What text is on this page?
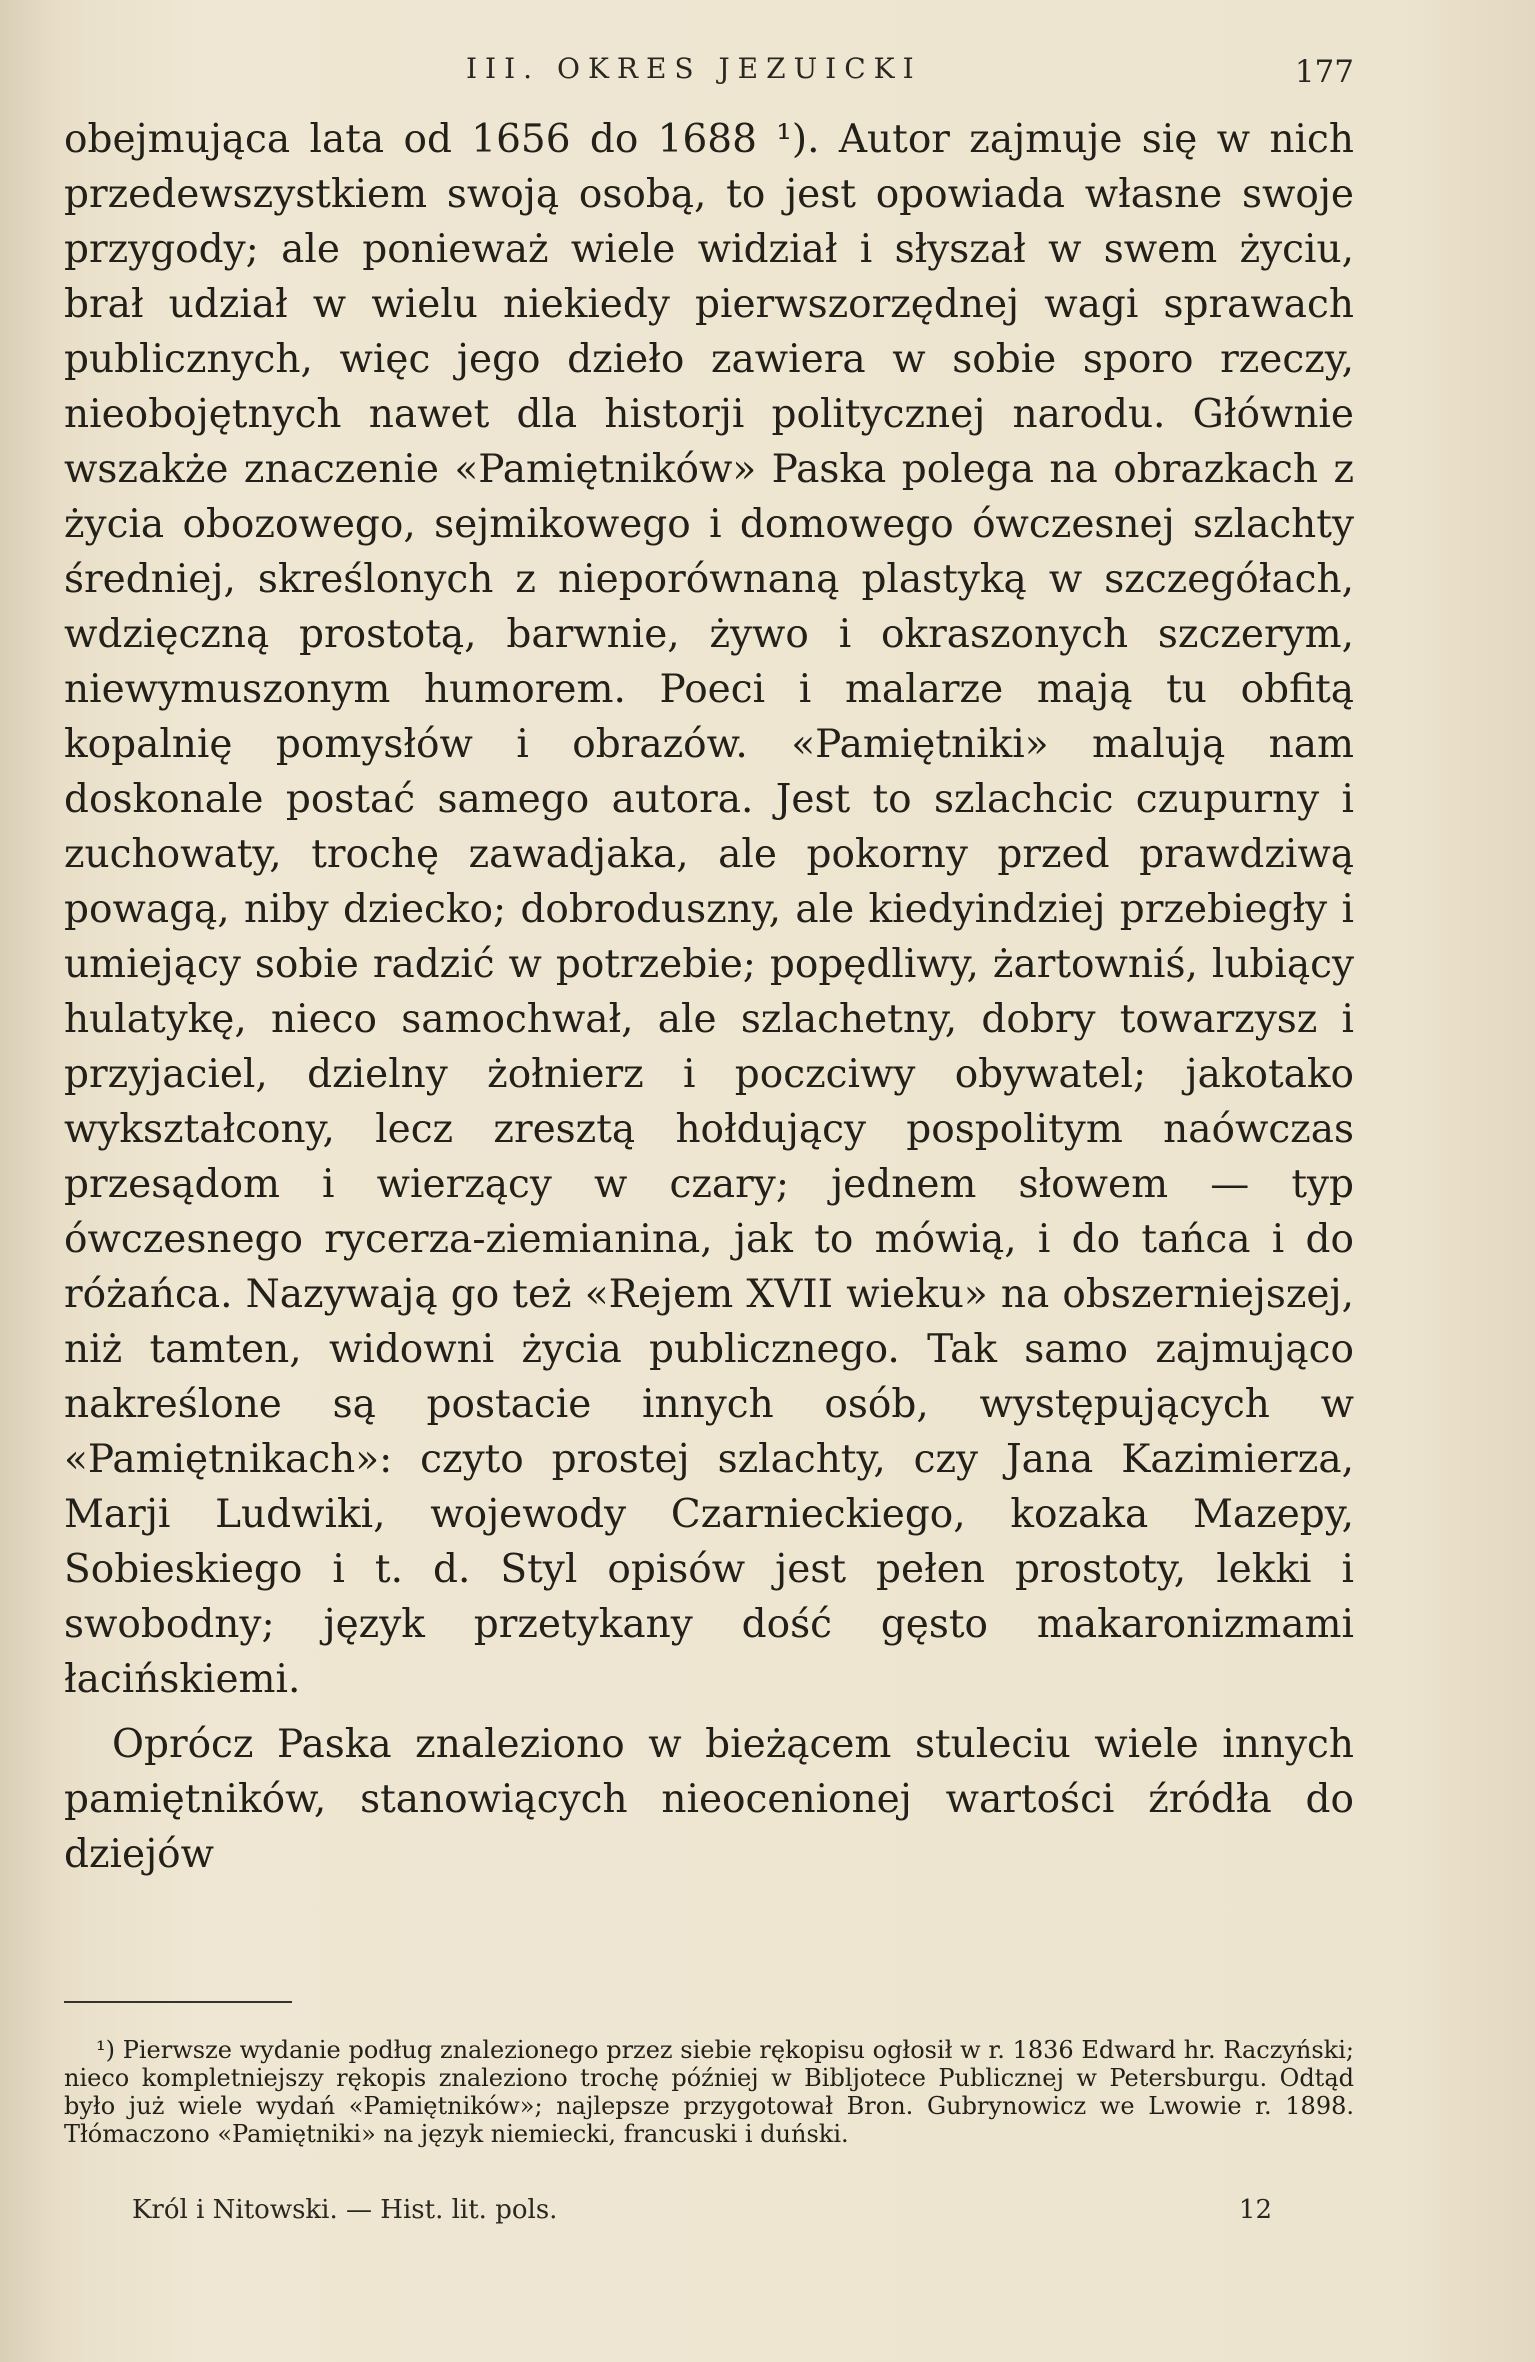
III. OKRES JEZUICKI	177

obejmująca lata od 1656 do 1688 ¹). Autor zajmuje się w nich przedewszystkiem swoją osobą, to jest opowiada własne swoje przygody; ale ponieważ wiele widział i słyszał w swem życiu, brał udział w wielu niekiedy pierwszorzędnej wagi sprawach publicznych, więc jego dzieło zawiera w sobie sporo rzeczy, nieobojętnych nawet dla historji politycznej narodu. Głównie wszakże znaczenie «Pamiętników» Paska polega na obrazkach z życia obozowego, sejmikowego i domowego ówczesnej szlachty średniej, skreślonych z nieporównaną plastyką w szczegółach, wdzięczną prostotą, barwnie, żywo i okraszonych szczerym, niewymuszonym humorem. Poeci i malarze mają tu obfitą kopalnię pomysłów i obrazów. «Pamiętniki» malują nam doskonale postać samego autora. Jest to szlachcic czupurny i zuchowaty, trochę zawadjaka, ale pokorny przed prawdziwą powagą, niby dziecko; dobroduszny, ale kiedyindziej przebiegły i umiejący sobie radzić w potrzebie; popędliwy, żartowniś, lubiący hulatykę, nieco samochwał, ale szlachetny, dobry towarzysz i przyjaciel, dzielny żołnierz i poczciwy obywatel; jakotako wykształcony, lecz zresztą hołdujący pospolitym naówczas przesądom i wierzący w czary; jednem słowem — typ ówczesnego rycerza-ziemianina, jak to mówią, i do tańca i do różańca. Nazywają go też «Rejem XVII wieku» na obszerniejszej, niż tamten, widowni życia publicznego. Tak samo zajmująco nakreślone są postacie innych osób, występujących w «Pamiętnikach»: czyto prostej szlachty, czy Jana Kazimierza, Marji Ludwiki, wojewody Czarnieckiego, kozaka Mazepy, Sobieskiego i t. d. Styl opisów jest pełen prostoty, lekki i swobodny; język przetykany dość gęsto makaronizmami łacińskiemi.

Oprócz Paska znaleziono w bieżącem stuleciu wiele innych pamiętników, stanowiących nieocenionej wartości źródła do dziejów

¹) Pierwsze wydanie podług znalezionego przez siebie rękopisu ogłosił w r. 1836 Edward hr. Raczyński; nieco kompletniejszy rękopis znaleziono trochę później w Bibljotece Publicznej w Petersburgu. Odtąd było już wiele wydań «Pamiętników»; najlepsze przygotował Bron. Gubrynowicz we Lwowie r. 1898. Tłómaczono «Pamiętniki» na język niemiecki, francuski i duński.

Król i Nitowski. — Hist. lit. pols.	12
